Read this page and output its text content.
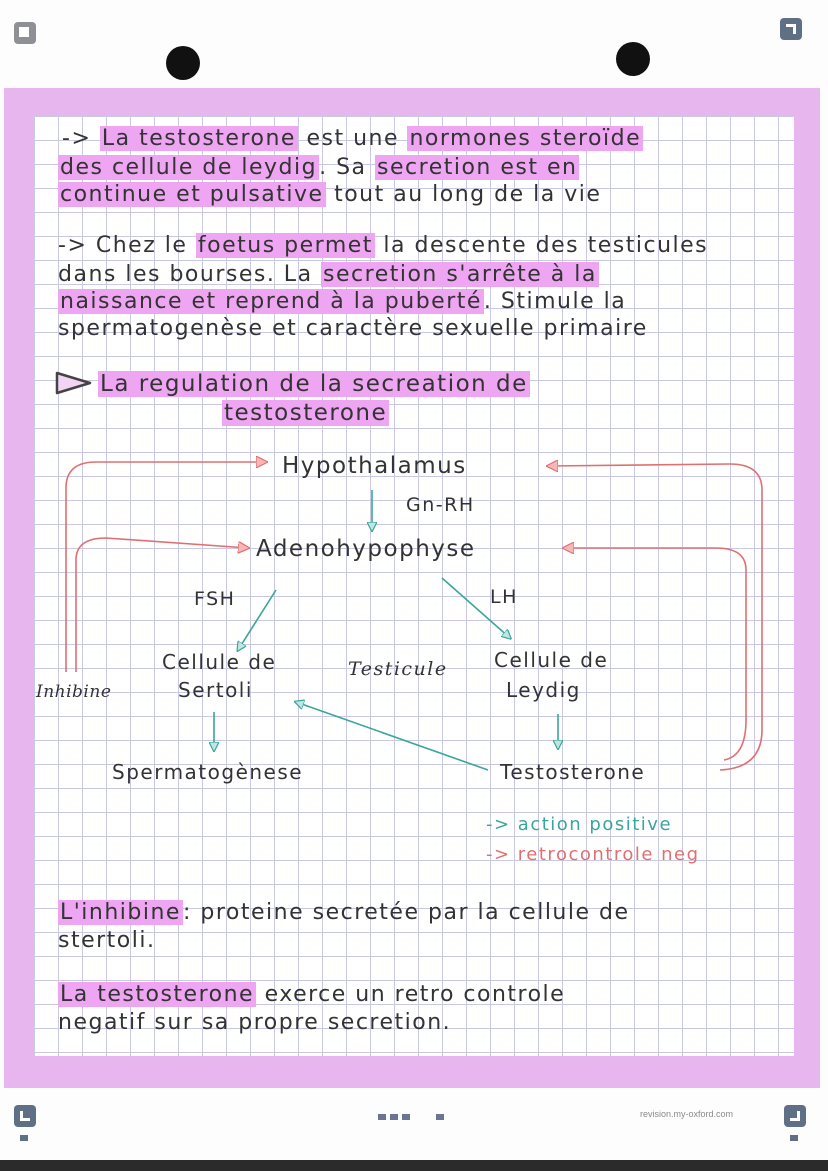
-> La testosterone est une normones steroïde
des cellule de leydig. Sa secretion est en
continue et pulsative tout au long de la vie
-> Chez le foetus permet la descente des testicules
dans les bourses. La secretion s'arrête à la
naissance et reprend à la puberté. Stimule la
spermatogenèse et caractère sexuelle primaire
La regulation de la secreation de
testosterone
Hypothalamus
Gn-RH
Adenohypophyse
FSH	LH
Cellule de
Sertoli
Testicule Cellule de
Leydig
Inhibine
Spermatogènese	Testosterone
-> action positive
-> retrocontrole neg
L'inhibine: proteine secretée par la cellule de
stertoli.
La testosterone exerce un retro controle
negatif sur sa propre secretion.
revision.my-oxford.com
